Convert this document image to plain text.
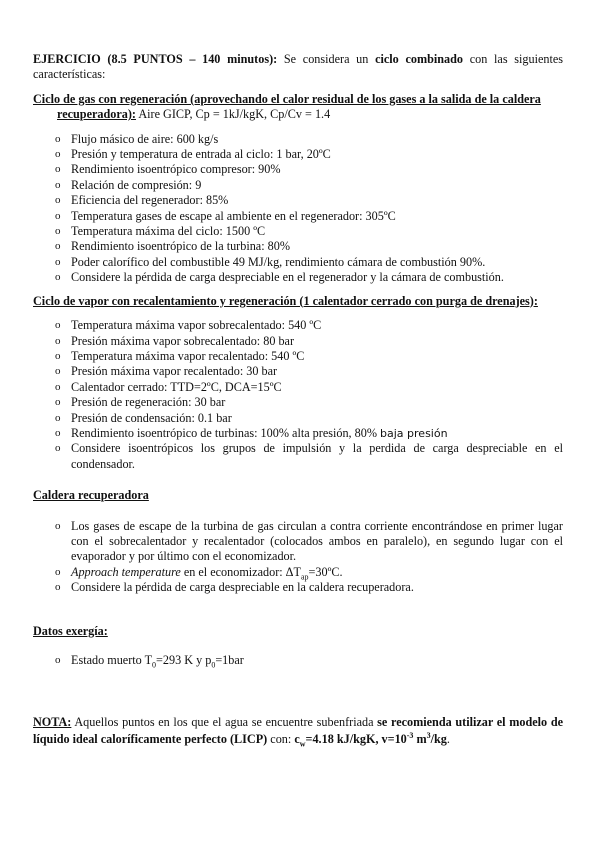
EJERCICIO (8.5 PUNTOS – 140 minutos): Se considera un ciclo combinado con las siguientes características:
Ciclo de gas con regeneración (aprovechando el calor residual de los gases a la salida de la caldera
recuperadora): Aire GICP, Cp = 1kJ/kgK, Cp/Cv = 1.4
o Flujo másico de aire: 600 kg/s
o Presión y temperatura de entrada al ciclo: 1 bar, 20ºC
o Rendimiento isoentrópico compresor: 90%
o Relación de compresión: 9
o Eficiencia del regenerador: 85%
o Temperatura gases de escape al ambiente en el regenerador: 305ºC
o Temperatura máxima del ciclo: 1500 ºC
o Rendimiento isoentrópico de la turbina: 80%
o Poder calorífico del combustible 49 MJ/kg, rendimiento cámara de combustión 90%.
o Considere la pérdida de carga despreciable en el regenerador y la cámara de combustión.
Ciclo de vapor con recalentamiento y regeneración (1 calentador cerrado con purga de drenajes):
o Temperatura máxima vapor sobrecalentado: 540 ºC
o Presión máxima vapor sobrecalentado: 80 bar
o Temperatura máxima vapor recalentado: 540 ºC
o Presión máxima vapor recalentado: 30 bar
o Calentador cerrado: TTD=2ºC, DCA=15ºC
o Presión de regeneración: 30 bar
o Presión de condensación: 0.1 bar
o Rendimiento isoentrópico de turbinas: 100% alta presión, 80% baja presión
o Considere isoentrópicos los grupos de impulsión y la perdida de carga despreciable en el condensador.
Caldera recuperadora
o Los gases de escape de la turbina de gas circulan a contra corriente encontrándose en primer lugar con el sobrecalentador y recalentador (colocados ambos en paralelo), en segundo lugar con el evaporador y por último con el economizador.
o Approach temperature en el economizador: $\Delta T_{ap}=30ºC$.
o Considere la pérdida de carga despreciable en la caldera recuperadora.
Datos exergía:
o Estado muerto $T_0=293$ K y $p_0=1bar$
NOTA: Aquellos puntos en los que el agua se encuentre subenfriada se recomienda utilizar el modelo de líquido ideal caloríficamente perfecto (LICP) con: $c_w=4.18$ kJ/kgK, $v=10^{-3}$ $m^3/kg$.
